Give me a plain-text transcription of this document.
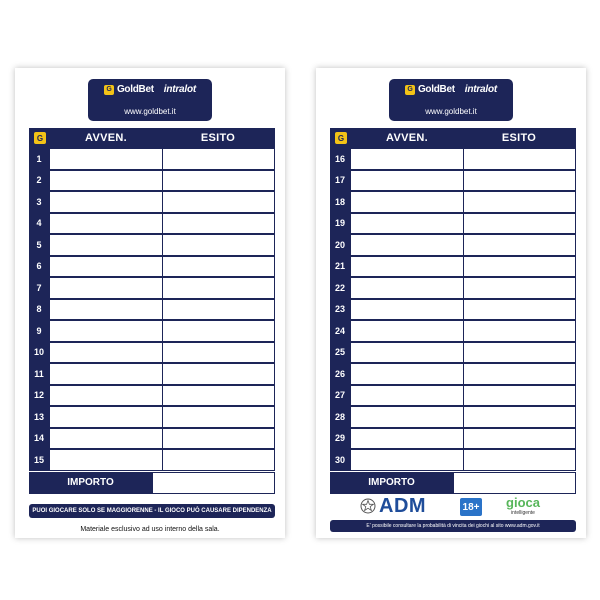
G GoldBet intralot
www.goldbet.it
G	AVVEN.	ESITO
1
2
3
4
5
6
7
8
9
10
11
12
13
14
15
IMPORTO
PUOI GIOCARE SOLO SE MAGGIORENNE - IL GIOCO PUÒ CAUSARE DIPENDENZA
Materiale esclusivo ad uso interno della sala.
G GoldBet intralot
www.goldbet.it
G	AVVEN.	ESITO
16
17
18
19
20
21
22
23
24
25
26
27
28
29
30
IMPORTO
ADM	18+	gioca
intelligente
E' possibile consultare la probabilità di vincita dei giochi al sito www.adm.gov.it
